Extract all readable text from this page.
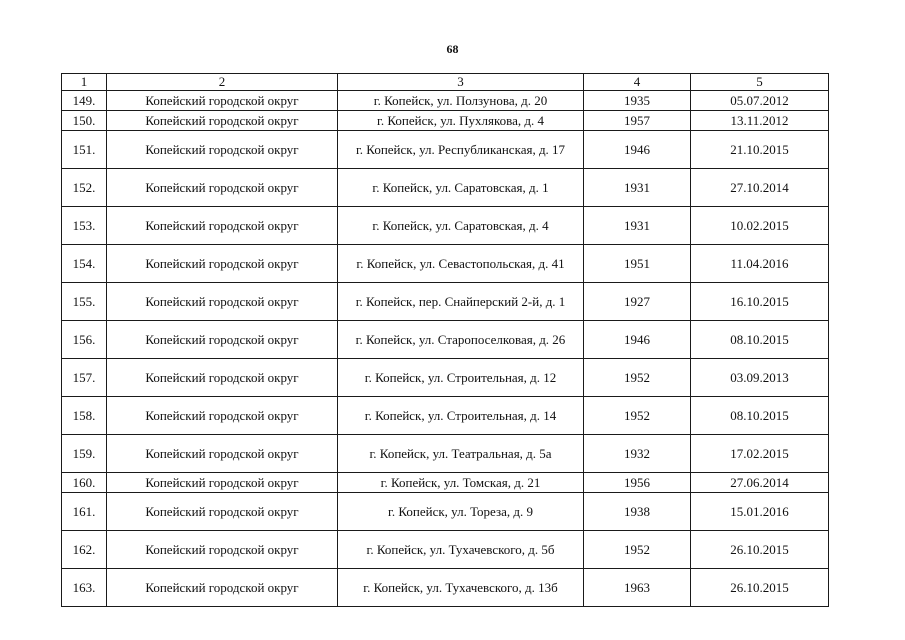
68
1	2	3	4	5
149.	Копейский городской округ	г. Копейск, ул. Ползунова, д. 20	1935	05.07.2012
150.	Копейский городской округ	г. Копейск, ул. Пухлякова, д. 4	1957	13.11.2012
151.	Копейский городской округ	г. Копейск, ул. Республиканская, д. 17	1946	21.10.2015
152.	Копейский городской округ	г. Копейск, ул. Саратовская, д. 1	1931	27.10.2014
153.	Копейский городской округ	г. Копейск, ул. Саратовская, д. 4	1931	10.02.2015
154.	Копейский городской округ	г. Копейск, ул. Севастопольская, д. 41	1951	11.04.2016
155.	Копейский городской округ	г. Копейск, пер. Снайперский 2-й, д. 1	1927	16.10.2015
156.	Копейский городской округ	г. Копейск, ул. Старопоселковая, д. 26	1946	08.10.2015
157.	Копейский городской округ	г. Копейск, ул. Строительная, д. 12	1952	03.09.2013
158.	Копейский городской округ	г. Копейск, ул. Строительная, д. 14	1952	08.10.2015
159.	Копейский городской округ	г. Копейск, ул. Театральная, д. 5а	1932	17.02.2015
160.	Копейский городской округ	г. Копейск, ул. Томская, д. 21	1956	27.06.2014
161.	Копейский городской округ	г. Копейск, ул. Тореза, д. 9	1938	15.01.2016
162.	Копейский городской округ	г. Копейск, ул. Тухачевского, д. 5б	1952	26.10.2015
163.	Копейский городской округ	г. Копейск, ул. Тухачевского, д. 13б	1963	26.10.2015
